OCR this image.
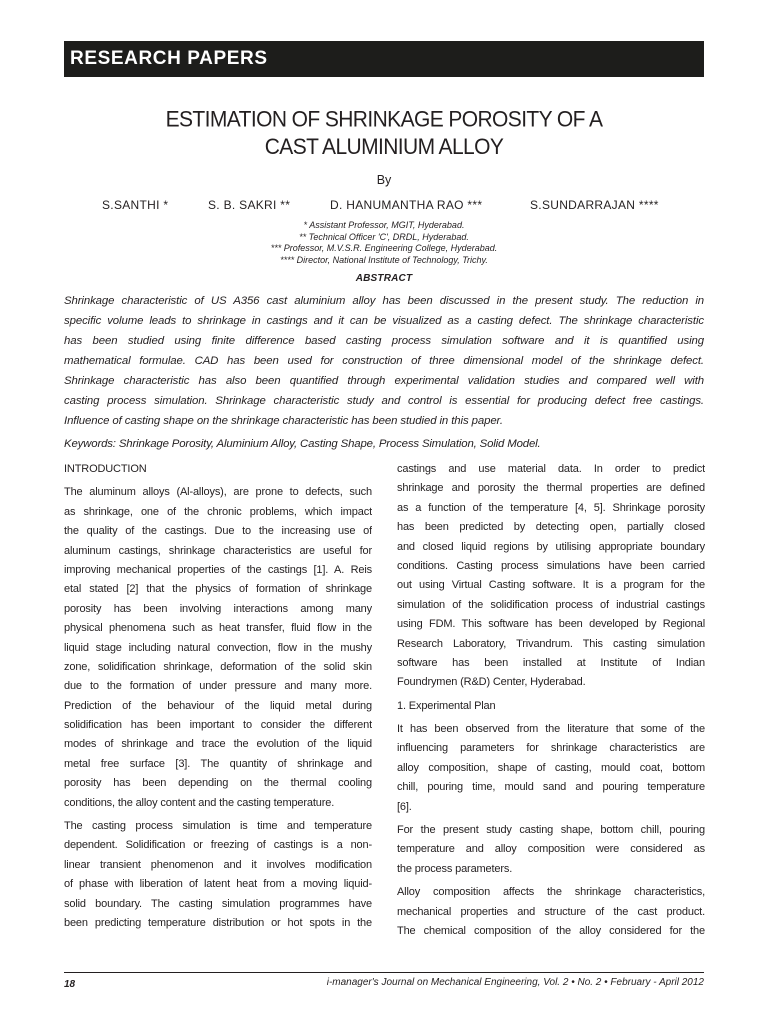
RESEARCH PAPERS
ESTIMATION OF SHRINKAGE POROSITY OF A
CAST ALUMINIUM ALLOY
By
S.SANTHI *	S. B. SAKRI **	D. HANUMANTHA RAO ***	S.SUNDARRAJAN ****
* Assistant Professor, MGIT, Hyderabad.
** Technical Officer 'C', DRDL, Hyderabad.
*** Professor, M.V.S.R. Engineering College, Hyderabad.
**** Director, National Institute of Technology, Trichy.
ABSTRACT
Shrinkage characteristic of US A356 cast aluminium alloy has been discussed in the present study. The reduction in
specific volume leads to shrinkage in castings and it can be visualized as a casting defect. The shrinkage characteristic
has been studied using finite difference based casting process simulation software and it is quantified using
mathematical formulae. CAD has been used for construction of three dimensional model of the shrinkage defect.
Shrinkage characteristic has also been quantified through experimental validation studies and compared well with
casting process simulation. Shrinkage characteristic study and control is essential for producing defect free castings.
Influence of casting shape on the shrinkage characteristic has been studied in this paper.
Keywords: Shrinkage Porosity, Aluminium Alloy, Casting Shape, Process Simulation, Solid Model.
INTRODUCTION
The aluminum alloys (Al-alloys), are prone to defects, such
as shrinkage, one of the chronic problems, which impact
the quality of the castings. Due to the increasing use of
aluminum castings, shrinkage characteristics are useful for
improving mechanical properties of the castings [1]. A. Reis
etal stated [2] that the physics of formation of shrinkage
porosity has been involving interactions among many
physical phenomena such as heat transfer, fluid flow in the
liquid stage including natural convection, flow in the mushy
zone, solidification shrinkage, deformation of the solid skin
due to the formation of under pressure and many more.
Prediction of the behaviour of the liquid metal during
solidification has been important to consider the different
modes of shrinkage and trace the evolution of the liquid
metal free surface [3]. The quantity of shrinkage and
porosity has been depending on the thermal cooling
conditions, the alloy content and the casting temperature.
The casting process simulation is time and temperature
dependent. Solidification or freezing of castings is a non-
linear transient phenomenon and it involves modification
of phase with liberation of latent heat from a moving liquid-
solid boundary. The casting simulation programmes have
been predicting temperature distribution or hot spots in the
castings and use material data. In order to predict
shrinkage and porosity the thermal properties are defined
as a function of the temperature [4, 5]. Shrinkage porosity
has been predicted by detecting open, partially closed
and closed liquid regions by utilising appropriate boundary
conditions. Casting process simulations have been carried
out using Virtual Casting software. It is a program for the
simulation of the solidification process of industrial castings
using FDM. This software has been developed by Regional
Research Laboratory, Trivandrum. This casting simulation
software has been installed at Institute of Indian
Foundrymen (R&D) Center, Hyderabad.
1. Experimental Plan
It has been observed from the literature that some of the
influencing parameters for shrinkage characteristics are
alloy composition, shape of casting, mould coat, bottom
chill, pouring time, mould sand and pouring temperature
[6].
For the present study casting shape, bottom chill, pouring
temperature and alloy composition were considered as
the process parameters.
Alloy composition affects the shrinkage characteristics,
mechanical properties and structure of the cast product.
The chemical composition of the alloy considered for the
18	i-manager's Journal on Mechanical Engineering, Vol. 2 • No. 2 • February - April 2012
